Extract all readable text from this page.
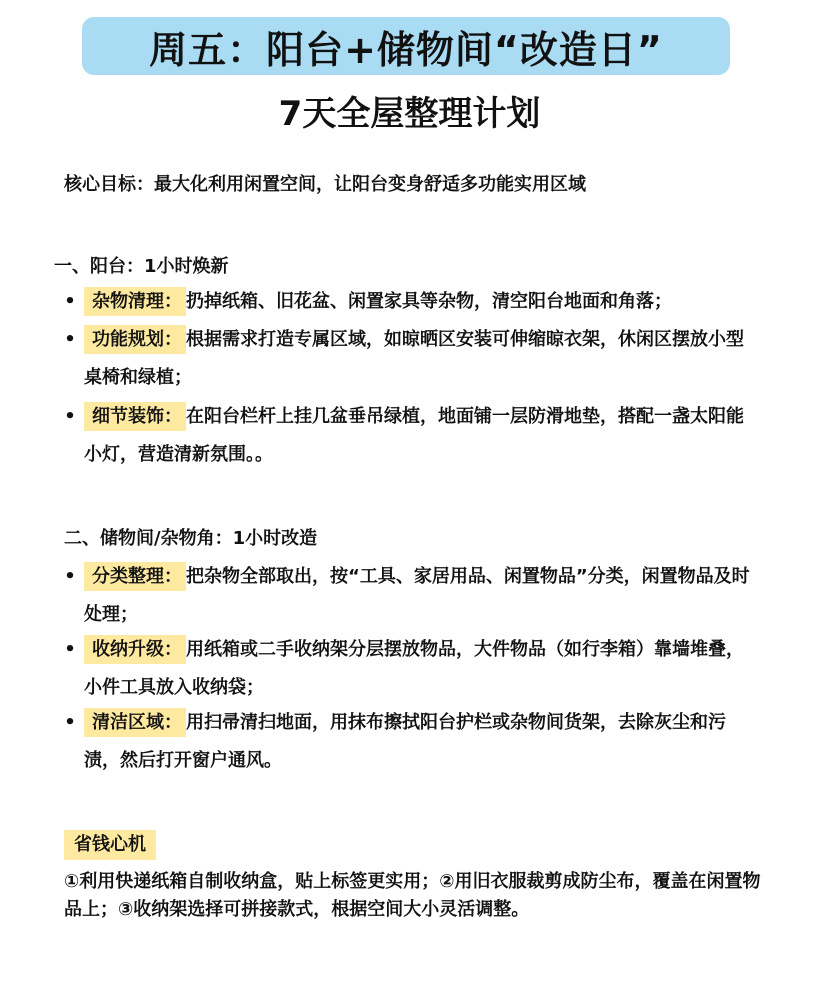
周五：阳台+储物间“改造日”
7天全屋整理计划
核心目标：最大化利用闲置空间，让阳台变身舒适多功能实用区域
一、阳台：1小时焕新
• 杂物清理： 扔掉纸箱、旧花盆、闲置家具等杂物，清空阳台地面和角落；
• 功能规划： 根据需求打造专属区域，如晾晒区安装可伸缩晾衣架，休闲区摆放小型桌椅和绿植；
• 细节装饰： 在阳台栏杆上挂几盆垂吊绿植，地面铺一层防滑地垫，搭配一盏太阳能小灯，营造清新氛围。。
二、储物间/杂物角：1小时改造
• 分类整理： 把杂物全部取出，按“工具、家居用品、闲置物品”分类，闲置物品及时处理；
• 收纳升级： 用纸箱或二手收纳架分层摆放物品，大件物品（如行李箱）靠墙堆叠，小件工具放入收纳袋；
• 清洁区域： 用扫帚清扫地面，用抹布擦拭阳台护栏或杂物间货架，去除灰尘和污渍，然后打开窗户通风。
省钱心机
①利用快递纸箱自制收纳盒，贴上标签更实用；②用旧衣服裁剪成防尘布，覆盖在闲置物品上；③收纳架选择可拼接款式，根据空间大小灵活调整。
